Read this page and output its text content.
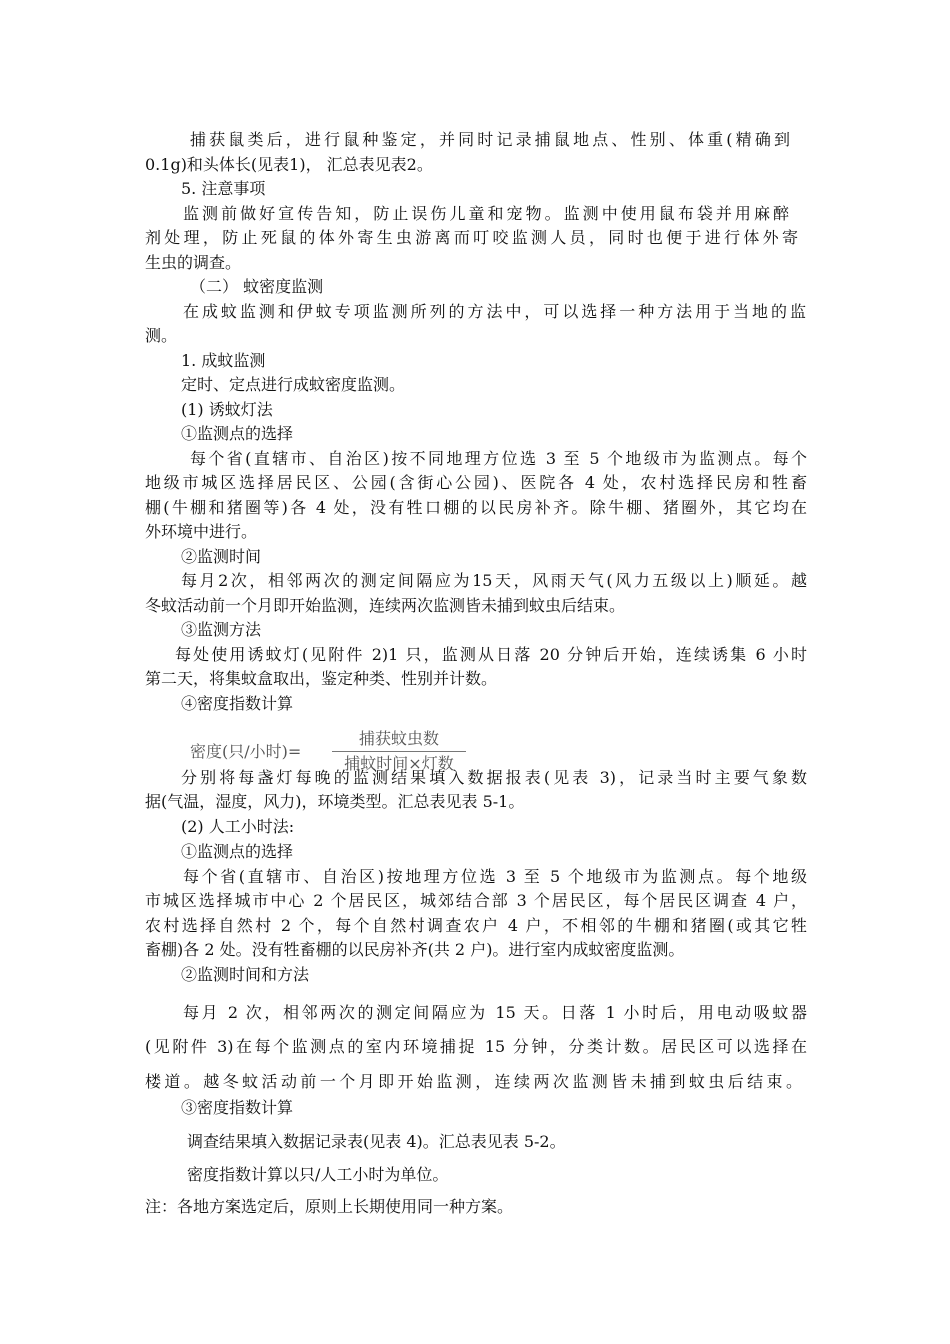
捕获鼠类后，进行鼠种鉴定，并同时记录捕鼠地点、性别、体重(精确到
0.1g)和头体长(见表1)， 汇总表见表2。
5. 注意事项
监测前做好宣传告知，防止误伤儿童和宠物。监测中使用鼠布袋并用麻醉
剂处理，防止死鼠的体外寄生虫游离而叮咬监测人员，同时也便于进行体外寄
生虫的调查。
（二） 蚊密度监测
在成蚊监测和伊蚊专项监测所列的方法中，可以选择一种方法用于当地的监
测。
1. 成蚊监测
定时、定点进行成蚊密度监测。
(1) 诱蚊灯法
①监测点的选择
每个省(直辖市、自治区)按不同地理方位选 3 至 5 个地级市为监测点。每个
地级市城区选择居民区、公园(含街心公园)、医院各 4 处，农村选择民房和牲畜
棚(牛棚和猪圈等)各 4 处，没有牲口棚的以民房补齐。除牛棚、猪圈外，其它均在
外环境中进行。
②监测时间
每月2次，相邻两次的测定间隔应为15天，风雨天气(风力五级以上)顺延。越
冬蚊活动前一个月即开始监测，连续两次监测皆未捕到蚊虫后结束。
③监测方法
每处使用诱蚊灯(见附件 2)1 只，监测从日落 20 分钟后开始，连续诱集 6 小时
第二天，将集蚊盒取出，鉴定种类、性别并计数。
④密度指数计算
密度(只/小时)=
捕获蚊虫数
捕蚊时间×灯数
分别将每盏灯每晚的监测结果填入数据报表(见表 3)，记录当时主要气象数
据(气温，湿度，风力)，环境类型。汇总表见表 5-1。
(2) 人工小时法:
①监测点的选择
每个省(直辖市、自治区)按地理方位选 3 至 5 个地级市为监测点。每个地级
市城区选择城市中心 2 个居民区，城郊结合部 3 个居民区，每个居民区调查 4 户，
农村选择自然村 2 个，每个自然村调查农户 4 户，不相邻的牛棚和猪圈(或其它牲
畜棚)各 2 处。没有牲畜棚的以民房补齐(共 2 户)。进行室内成蚊密度监测。
②监测时间和方法
每月 2 次，相邻两次的测定间隔应为 15 天。日落 1 小时后，用电动吸蚊器
(见附件 3)在每个监测点的室内环境捕捉 15 分钟，分类计数。居民区可以选择在
楼道。越冬蚊活动前一个月即开始监测，连续两次监测皆未捕到蚊虫后结束。
③密度指数计算
调查结果填入数据记录表(见表 4)。汇总表见表 5-2。
密度指数计算以只/人工小时为单位。
注：各地方案选定后，原则上长期使用同一种方案。
